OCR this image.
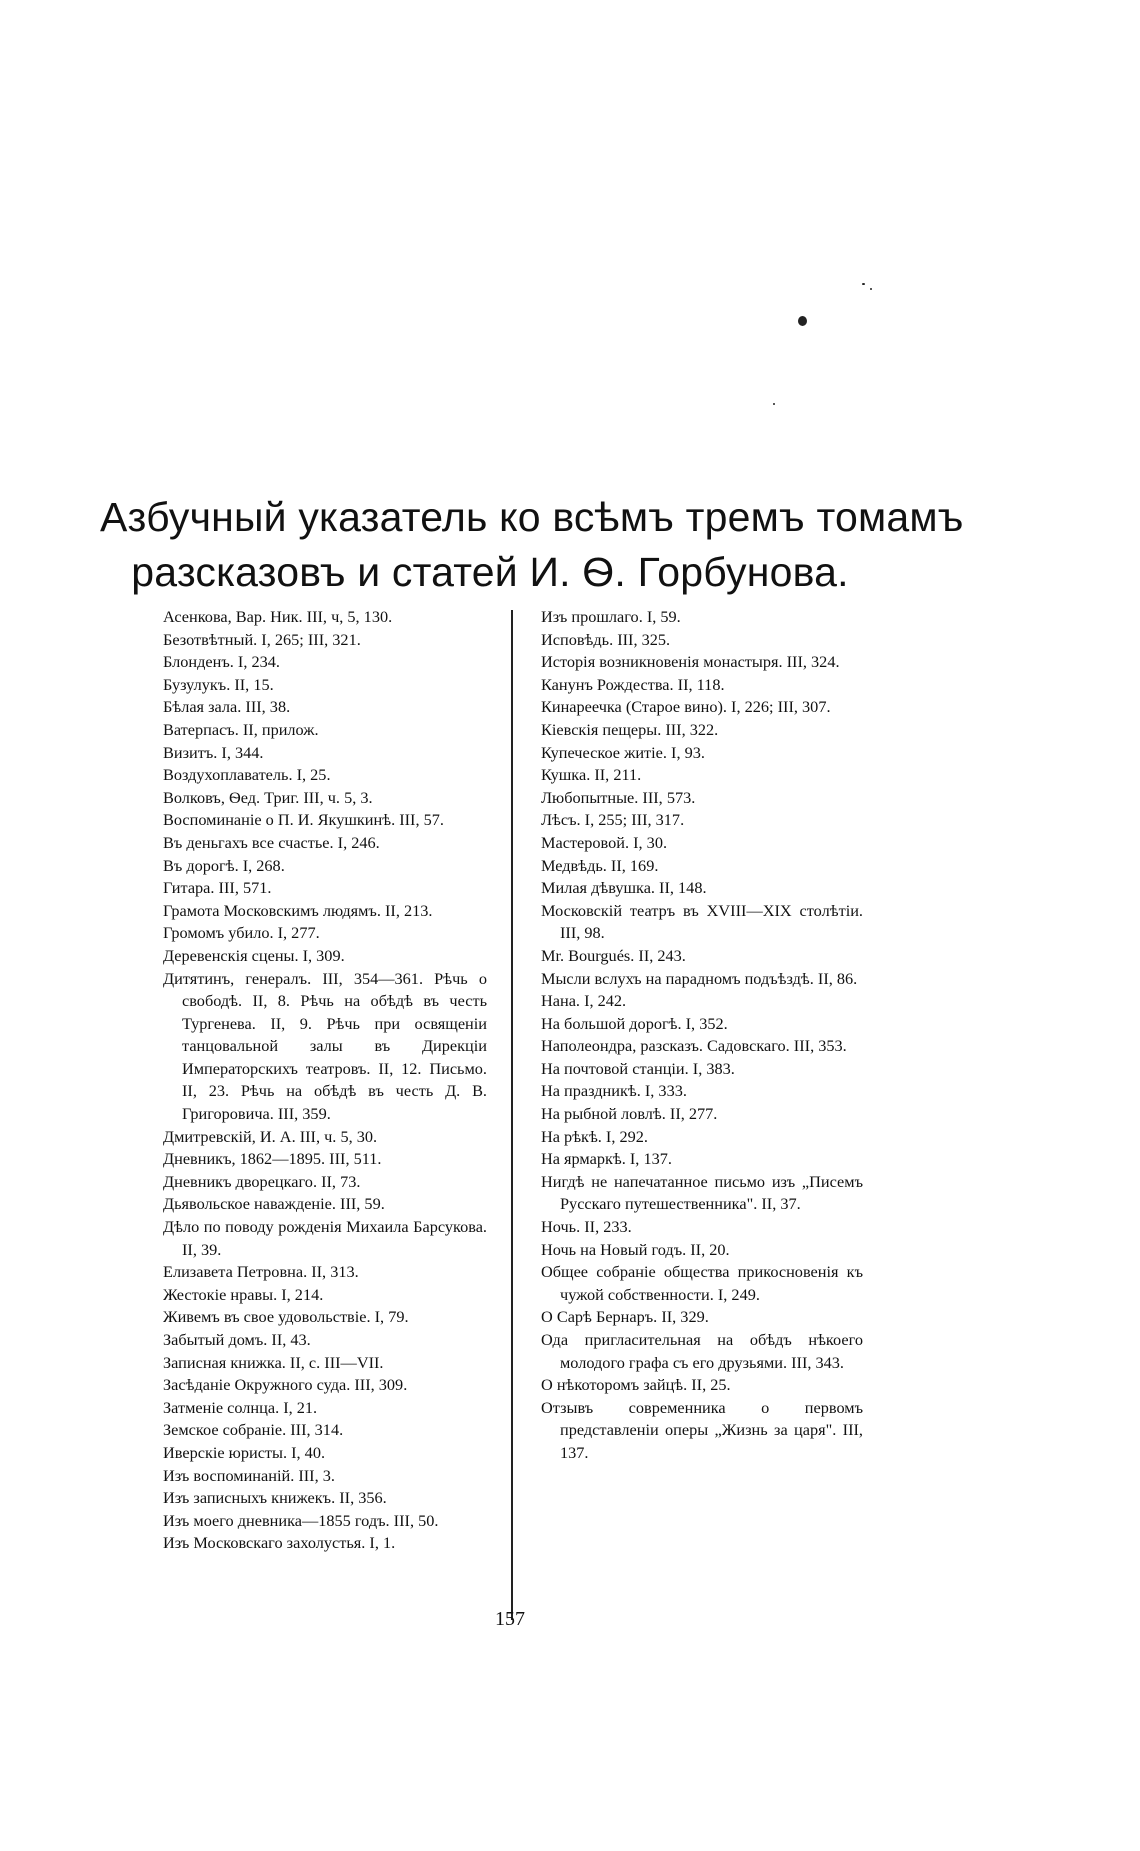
Азбучный указатель ко всѣмъ тремъ томамъ
разсказовъ и статей И. Ѳ. Горбунова.

Асенкова, Вар. Ник. III, ч, 5, 130.

Безотвѣтный. I, 265; III, 321.

Блонденъ. I, 234.

Бузулукъ. II, 15.

Бѣлая зала. III, 38.

Ватерпасъ. II, прилож.

Визитъ. I, 344.

Воздухоплаватель. I, 25.

Волковъ, Ѳед. Триг. III, ч. 5, 3.

Воспоминаніе о П. И. Якушкинѣ. III, 57.

Въ деньгахъ все счастье. I, 246.

Въ дорогѣ. I, 268.

Гитара. III, 571.

Грамота Московскимъ людямъ. II, 213.

Громомъ убило. I, 277.

Деревенскія сцены. I, 309.

Дитятинъ, генералъ. III, 354—361. Рѣчь о свободѣ. II, 8. Рѣчь на обѣдѣ въ честь Тургенева. II, 9. Рѣчь при освященіи танцовальной залы въ Дирекціи Императорскихъ театровъ. II, 12. Письмо. II, 23. Рѣчь на обѣдѣ въ честь Д. В. Григоровича. III, 359.

Дмитревскій, И. А. III, ч. 5, 30.

Дневникъ, 1862—1895. III, 511.

Дневникъ дворецкаго. II, 73.

Дьявольское наважденіе. III, 59.

Дѣло по поводу рожденія Михаила Барсукова. II, 39.

Елизавета Петровна. II, 313.

Жестокіе нравы. I, 214.

Живемъ въ свое удовольствіе. I, 79.

Забытый домъ. II, 43.

Записная книжка. II, с. III—VII.

Засѣданіе Окружного суда. III, 309.

Затменіе солнца. I, 21.

Земское собраніе. III, 314.

Иверскіе юристы. I, 40.

Изъ воспоминаній. III, 3.

Изъ записныхъ книжекъ. II, 356.

Изъ моего дневника—1855 годъ. III, 50.

Изъ Московскаго захолустья. I, 1.

Изъ прошлаго. I, 59.

Исповѣдь. III, 325.

Исторія возникновенія монастыря. III, 324.

Канунъ Рождества. II, 118.

Кинареечка (Старое вино). I, 226; III, 307.

Кіевскія пещеры. III, 322.

Купеческое житіе. I, 93.

Кушка. II, 211.

Любопытные. III, 573.

Лѣсъ. I, 255; III, 317.

Мастеровой. I, 30.

Медвѣдь. II, 169.

Милая дѣвушка. II, 148.

Московскій театръ въ XVIII—XIX столѣтіи. III, 98.

Mr. Bourgués. II, 243.

Мысли вслухъ на парадномъ подъѣздѣ. II, 86.

Нана. I, 242.

На большой дорогѣ. I, 352.

Наполеондра, разсказъ. Садовскаго. III, 353.

На почтовой станціи. I, 383.

На праздникѣ. I, 333.

На рыбной ловлѣ. II, 277.

На рѣкѣ. I, 292.

На ярмаркѣ. I, 137.

Нигдѣ не напечатанное письмо изъ „Писемъ Русскаго путешественника". II, 37.

Ночь. II, 233.

Ночь на Новый годъ. II, 20.

Общее собраніе общества прикосновенія къ чужой собственности. I, 249.

О Сарѣ Бернаръ. II, 329.

Ода пригласительная на обѣдъ нѣкоего молодого графа съ его друзьями. III, 343.

О нѣкоторомъ зайцѣ. II, 25.

Отзывъ современника о первомъ представленіи оперы „Жизнь за царя". III, 137.

157
